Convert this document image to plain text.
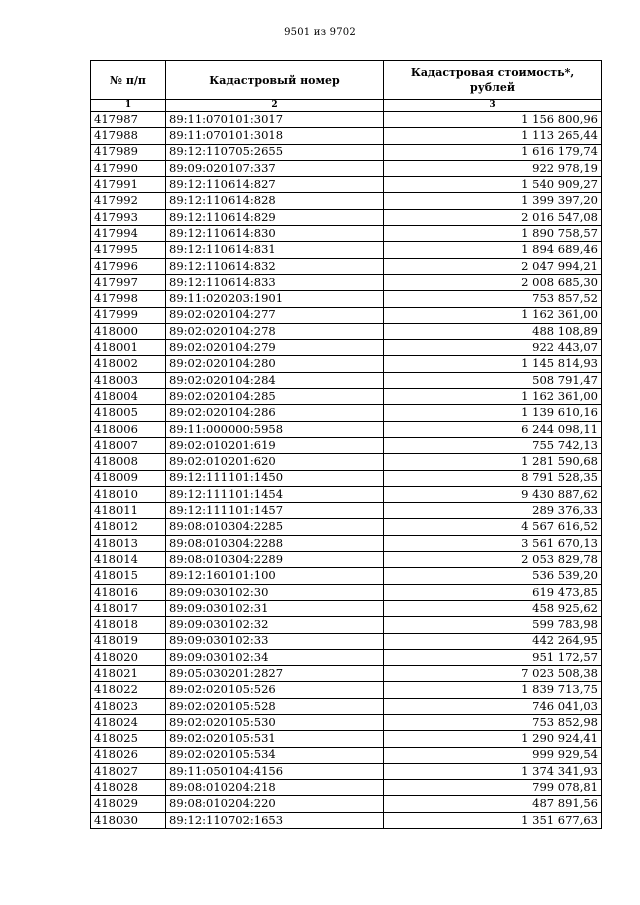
9501 из 9702
№ п/п	Кадастровый номер	Кадастровая стоимость*,
рублей
1	2	3
417987	89:11:070101:3017	1 156 800,96
417988	89:11:070101:3018	1 113 265,44
417989	89:12:110705:2655	1 616 179,74
417990	89:09:020107:337	922 978,19
417991	89:12:110614:827	1 540 909,27
417992	89:12:110614:828	1 399 397,20
417993	89:12:110614:829	2 016 547,08
417994	89:12:110614:830	1 890 758,57
417995	89:12:110614:831	1 894 689,46
417996	89:12:110614:832	2 047 994,21
417997	89:12:110614:833	2 008 685,30
417998	89:11:020203:1901	753 857,52
417999	89:02:020104:277	1 162 361,00
418000	89:02:020104:278	488 108,89
418001	89:02:020104:279	922 443,07
418002	89:02:020104:280	1 145 814,93
418003	89:02:020104:284	508 791,47
418004	89:02:020104:285	1 162 361,00
418005	89:02:020104:286	1 139 610,16
418006	89:11:000000:5958	6 244 098,11
418007	89:02:010201:619	755 742,13
418008	89:02:010201:620	1 281 590,68
418009	89:12:111101:1450	8 791 528,35
418010	89:12:111101:1454	9 430 887,62
418011	89:12:111101:1457	289 376,33
418012	89:08:010304:2285	4 567 616,52
418013	89:08:010304:2288	3 561 670,13
418014	89:08:010304:2289	2 053 829,78
418015	89:12:160101:100	536 539,20
418016	89:09:030102:30	619 473,85
418017	89:09:030102:31	458 925,62
418018	89:09:030102:32	599 783,98
418019	89:09:030102:33	442 264,95
418020	89:09:030102:34	951 172,57
418021	89:05:030201:2827	7 023 508,38
418022	89:02:020105:526	1 839 713,75
418023	89:02:020105:528	746 041,03
418024	89:02:020105:530	753 852,98
418025	89:02:020105:531	1 290 924,41
418026	89:02:020105:534	999 929,54
418027	89:11:050104:4156	1 374 341,93
418028	89:08:010204:218	799 078,81
418029	89:08:010204:220	487 891,56
418030	89:12:110702:1653	1 351 677,63
